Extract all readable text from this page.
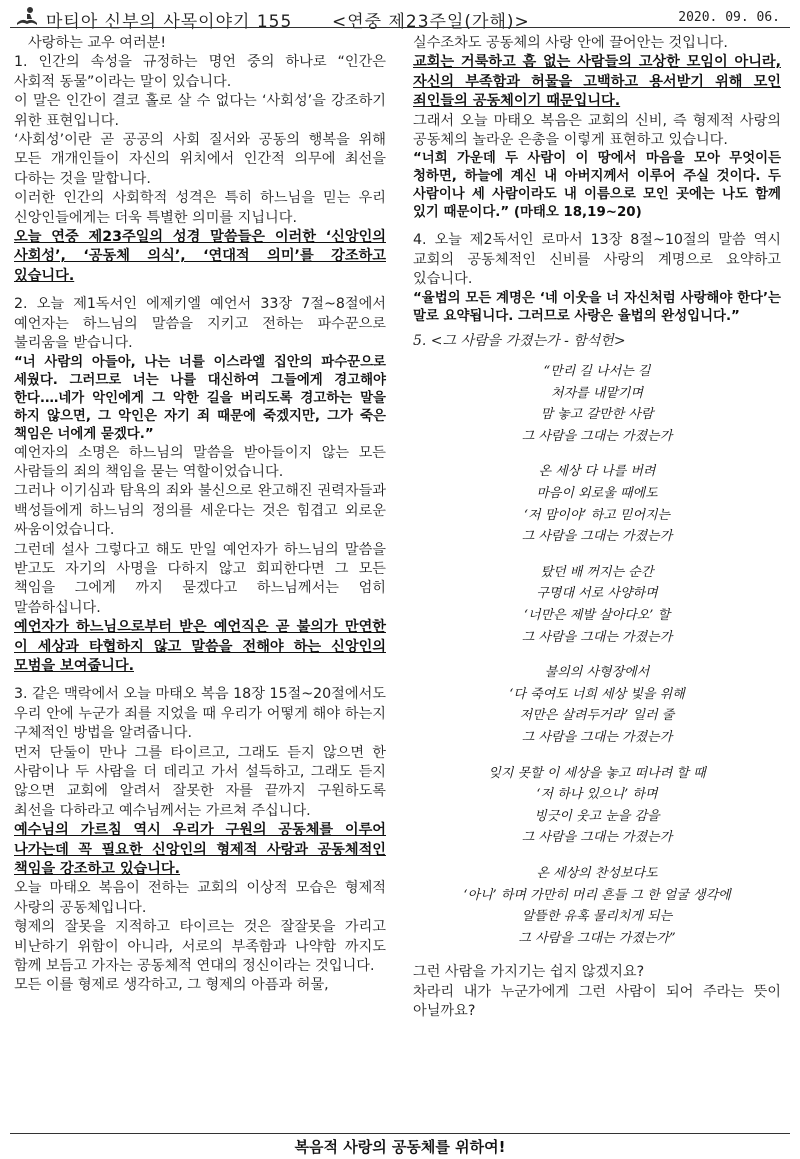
마티아 신부의 사목이야기 155 <연중 제23주일(가해)>	2020. 09. 06.

사랑하는 교우 여러분!

1. 인간의 속성을 규정하는 명언 중의 하나로 “인간은 사회적 동물”이라는 말이 있습니다.

이 말은 인간이 결코 홀로 살 수 없다는 ‘사회성’을 강조하기 위한 표현입니다.

‘사회성’이란 곧 공공의 사회 질서와 공동의 행복을 위해 모든 개개인들이 자신의 위치에서 인간적 의무에 최선을 다하는 것을 말합니다.

이러한 인간의 사회학적 성격은 특히 하느님을 믿는 우리 신앙인들에게는 더욱 특별한 의미를 지닙니다.

오늘 연중 제23주일의 성경 말씀들은 이러한 ‘신앙인의 사회성’, ‘공동체 의식’, ‘연대적 의미’를 강조하고 있습니다.

2. 오늘 제1독서인 에제키엘 예언서 33장 7절~8절에서 예언자는 하느님의 말씀을 지키고 전하는 파수꾼으로 불리움을 받습니다.

“너 사람의 아들아, 나는 너를 이스라엘 집안의 파수꾼으로 세웠다. 그러므로 너는 나를 대신하여 그들에게 경고해야 한다.…네가 악인에게 그 악한 길을 버리도록 경고하는 말을 하지 않으면, 그 악인은 자기 죄 때문에 죽겠지만, 그가 죽은 책임은 너에게 묻겠다.”

예언자의 소명은 하느님의 말씀을 받아들이지 않는 모든 사람들의 죄의 책임을 묻는 역할이었습니다.

그러나 이기심과 탐욕의 죄와 불신으로 완고해진 권력자들과 백성들에게 하느님의 정의를 세운다는 것은 힘겹고 외로운 싸움이었습니다.

그런데 설사 그렇다고 해도 만일 예언자가 하느님의 말씀을 받고도 자기의 사명을 다하지 않고 회피한다면 그 모든 책임을 그에게 까지 묻겠다고 하느님께서는 엄히 말씀하십니다.

예언자가 하느님으로부터 받은 예언직은 곧 불의가 만연한 이 세상과 타협하지 않고 말씀을 전해야 하는 신앙인의 모범을 보여줍니다.

3. 같은 맥락에서 오늘 마태오 복음 18장 15절~20절에서도 우리 안에 누군가 죄를 지었을 때 우리가 어떻게 해야 하는지 구체적인 방법을 알려줍니다.

먼저 단둘이 만나 그를 타이르고, 그래도 듣지 않으면 한 사람이나 두 사람을 더 데리고 가서 설득하고, 그래도 듣지 않으면 교회에 알려서 잘못한 자를 끝까지 구원하도록 최선을 다하라고 예수님께서는 가르쳐 주십니다.

예수님의 가르침 역시 우리가 구원의 공동체를 이루어 나가는데 꼭 필요한 신앙인의 형제적 사랑과 공동체적인 책임을 강조하고 있습니다.

오늘 마태오 복음이 전하는 교회의 이상적 모습은 형제적 사랑의 공동체입니다.

형제의 잘못을 지적하고 타이르는 것은 잘잘못을 가리고 비난하기 위함이 아니라, 서로의 부족함과 나약함 까지도 함께 보듬고 가자는 공동체적 연대의 정신이라는 것입니다.

모든 이를 형제로 생각하고, 그 형제의 아픔과 허물,

실수조차도 공동체의 사랑 안에 끌어안는 것입니다.

교회는 거룩하고 흠 없는 사람들의 고상한 모임이 아니라, 자신의 부족함과 허물을 고백하고 용서받기 위해 모인 죄인들의 공동체이기 때문입니다.

그래서 오늘 마태오 복음은 교회의 신비, 즉 형제적 사랑의 공동체의 놀라운 은총을 이렇게 표현하고 있습니다.

“너희 가운데 두 사람이 이 땅에서 마음을 모아 무엇이든 청하면, 하늘에 계신 내 아버지께서 이루어 주실 것이다. 두 사람이나 세 사람이라도 내 이름으로 모인 곳에는 나도 함께 있기 때문이다.” (마태오 18,19~20)

4. 오늘 제2독서인 로마서 13장 8절~10절의 말씀 역시 교회의 공동체적인 신비를 사랑의 계명으로 요약하고 있습니다.

“율법의 모든 계명은 ‘네 이웃을 너 자신처럼 사랑해야 한다’는 말로 요약됩니다. 그러므로 사랑은 율법의 완성입니다.”

5. <그 사람을 가졌는가 - 함석헌>

“만리 길 나서는 길
처자를 내맡기며
맘 놓고 갈만한 사람
그 사람을 그대는 가졌는가
온 세상 다 나를 버려
마음이 외로울 때에도
‘저 맘이야’ 하고 믿어지는
그 사람을 그대는 가졌는가
탔던 배 꺼지는 순간
구명대 서로 사양하며
‘너만은 제발 살아다오’ 할
그 사람을 그대는 가졌는가
불의의 사형장에서
‘다 죽여도 너희 세상 빛을 위해
저만은 살려두거라’ 일러 줄
그 사람을 그대는 가졌는가
잊지 못할 이 세상을 놓고 떠나려 할 때
‘저 하나 있으니’ 하며
빙긋이 웃고 눈을 감을
그 사람을 그대는 가졌는가
온 세상의 찬성보다도
‘아니’ 하며 가만히 머리 흔들 그 한 얼굴 생각에
알뜰한 유혹 물리치게 되는
그 사람을 그대는 가졌는가”

그런 사람을 가지기는 쉽지 않겠지요?

차라리 내가 누군가에게 그런 사람이 되어 주라는 뜻이 아닐까요?

복음적 사랑의 공동체를 위하여!
